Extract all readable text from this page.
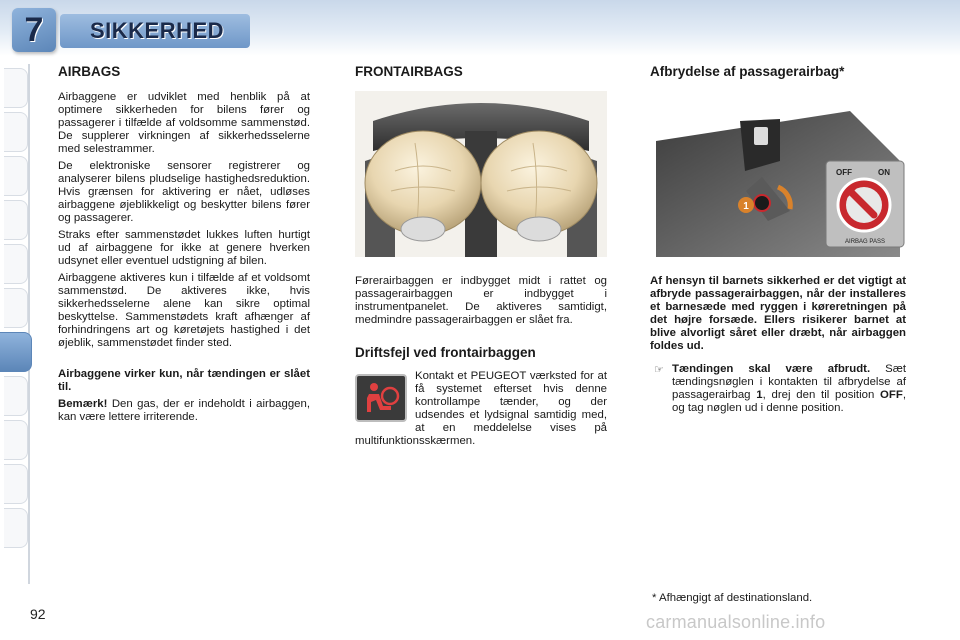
7	SIKKERHED
AIRBAGS

Airbaggene er udviklet med henblik på at optimere sikkerheden for bilens fører og passagerer i tilfælde af voldsomme sammenstød. De supplerer virkningen af sikkerhedsselerne med selestrammer.

De elektroniske sensorer registrerer og analyserer bilens pludselige hastighedsreduktion. Hvis grænsen for aktivering er nået, udløses airbaggene øjeblikkeligt og beskytter bilens fører og passagerer.

Straks efter sammenstødet lukkes luften hurtigt ud af airbaggene for ikke at genere hverken udsynet eller eventuel udstigning af bilen.

Airbaggene aktiveres kun i tilfælde af et voldsomt sammenstød. De aktiveres ikke, hvis sikkerhedsselerne alene kan sikre optimal beskyttelse. Sammenstødets kraft afhænger af forhindringens art og køretøjets hastighed i det øjeblik, sammenstødet finder sted.

Airbaggene virker kun, når tændingen er slået til.

Bemærk! Den gas, der er indeholdt i airbaggen, kan være lettere irriterende.

FRONTAIRBAGS

Førerairbaggen er indbygget midt i rattet og passagerairbaggen er indbygget i instrumentpanelet. De aktiveres samtidigt, medmindre passagerairbaggen er slået fra.

Driftsfejl ved frontairbaggen

Kontakt et PEUGEOT værksted for at få systemet efterset hvis denne kontrollampe tænder, og der udsendes et lydsignal samtidig med, at en meddelelse vises på multifunktionsskærmen.

Afbrydelse af passagerairbag*
1
OFF	ON
AIRBAG PASS

Af hensyn til barnets sikkerhed er det vigtigt at afbryde passagerairbaggen, når der installeres et barnesæde med ryggen i køreretningen på det højre forsæde. Ellers risikerer barnet at blive alvorligt såret eller dræbt, når airbaggen foldes ud.

☞ Tændingen skal være afbrudt. Sæt tændingsnøglen i kontakten til afbrydelse af passagerairbag 1, drej den til position OFF, og tag nøglen ud i denne position.
* Afhængigt af destinationsland.
92	carmanualsonline.info
